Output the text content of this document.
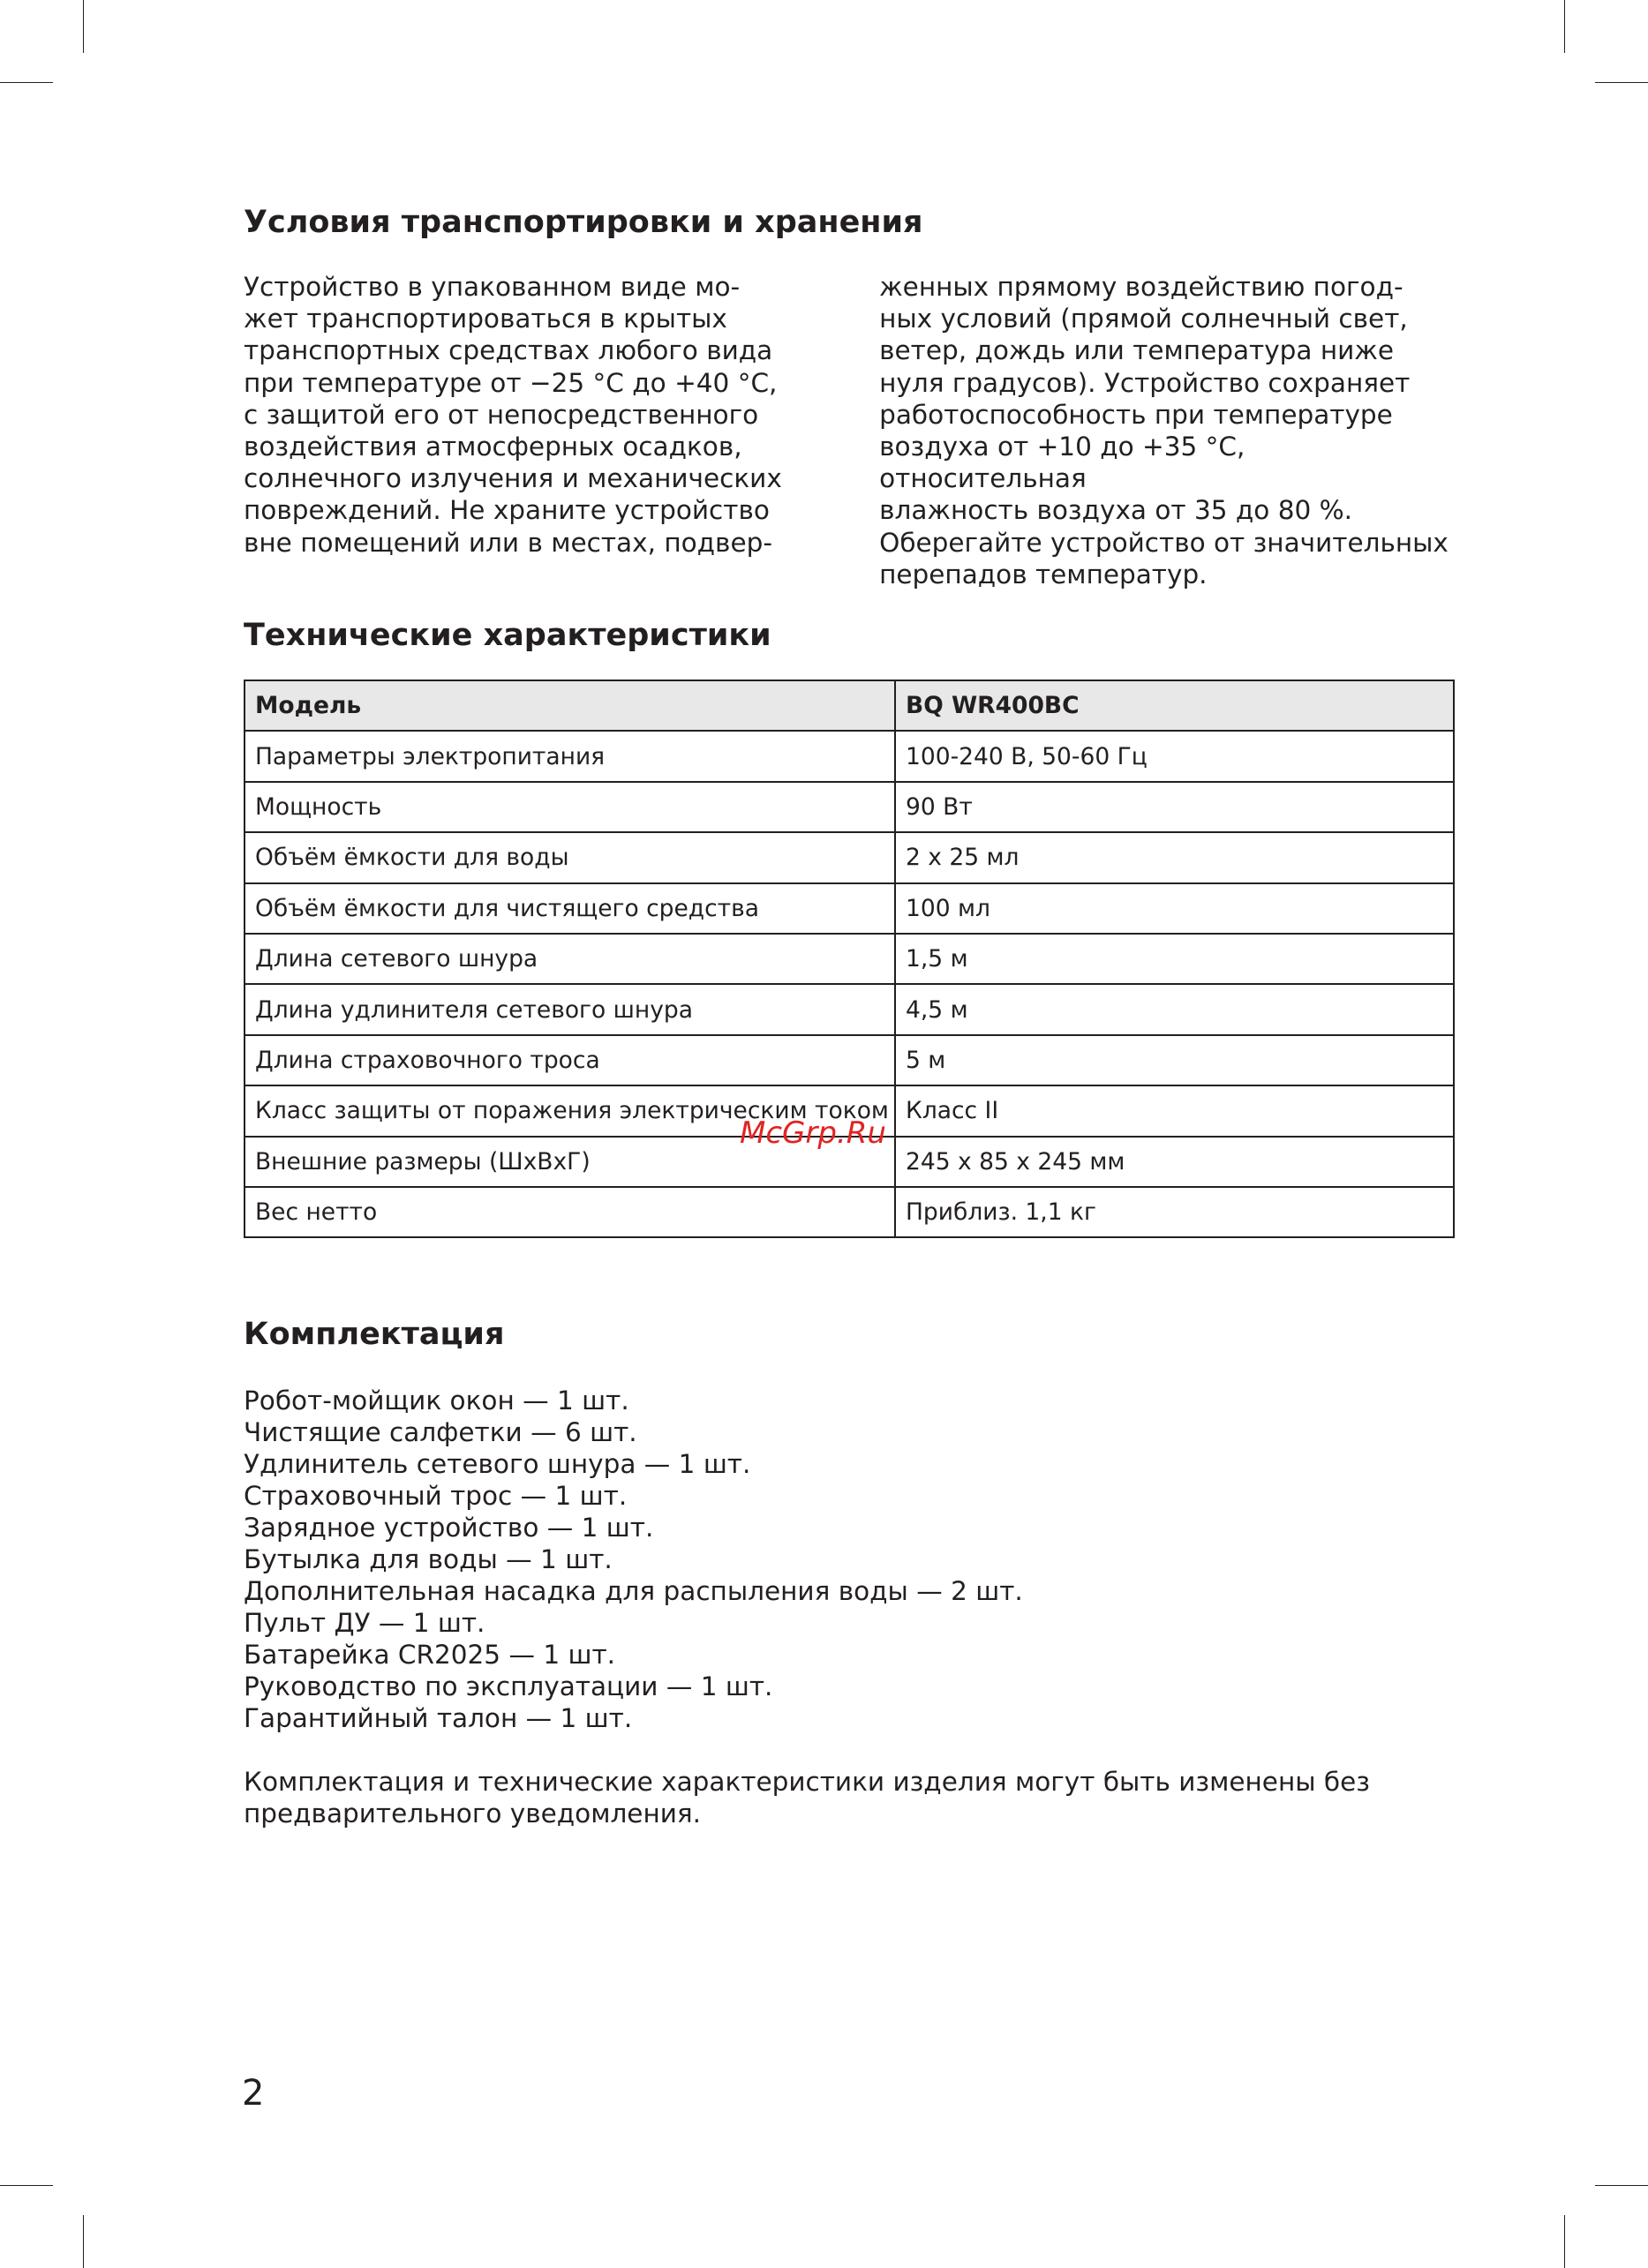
Условия транспортировки и хранения

Устройство в упакованном виде мо-
жет транспортироваться в крытых
транспортных средствах любого вида
при температуре от −25 °C до +40 °C,
с защитой его от непосредственного
воздействия атмосферных осадков,
солнечного излучения и механических
повреждений. Не храните устройство
вне помещений или в местах, подвер-

женных прямому воздействию погод-
ных условий (прямой солнечный свет,
ветер, дождь или температура ниже
нуля градусов). Устройство сохраняет
работоспособность при температуре
воздуха от +10 до +35 °C, относительная
влажность воздуха от 35 до 80 %.
Оберегайте устройство от значительных
перепадов температур.

Технические характеристики
Модель	BQ WR400BC
Параметры электропитания	100-240 В, 50-60 Гц
Мощность	90 Вт
Объём ёмкости для воды	2 x 25 мл
Объём ёмкости для чистящего средства	100 мл
Длина сетевого шнура	1,5 м
Длина удлинителя сетевого шнура	4,5 м
Длина страховочного троса	5 м
Класс защиты от поражения электрическим током	Класс II
Внешние размеры (ШxВxГ)	245 x 85 x 245 мм
Вес нетто	Приблиз. 1,1 кг
McGrp.Ru
Комплектация
Робот-мойщик окон — 1 шт.
Чистящие салфетки — 6 шт.
Удлинитель сетевого шнура — 1 шт.
Страховочный трос — 1 шт.
Зарядное устройство — 1 шт.
Бутылка для воды — 1 шт.
Дополнительная насадка для распыления воды — 2 шт.
Пульт ДУ — 1 шт.
Батарейка CR2025 — 1 шт.
Руководство по эксплуатации — 1 шт.
Гарантийный талон — 1 шт.

Комплектация и технические характеристики изделия могут быть изменены без предварительного уведомления.

2
